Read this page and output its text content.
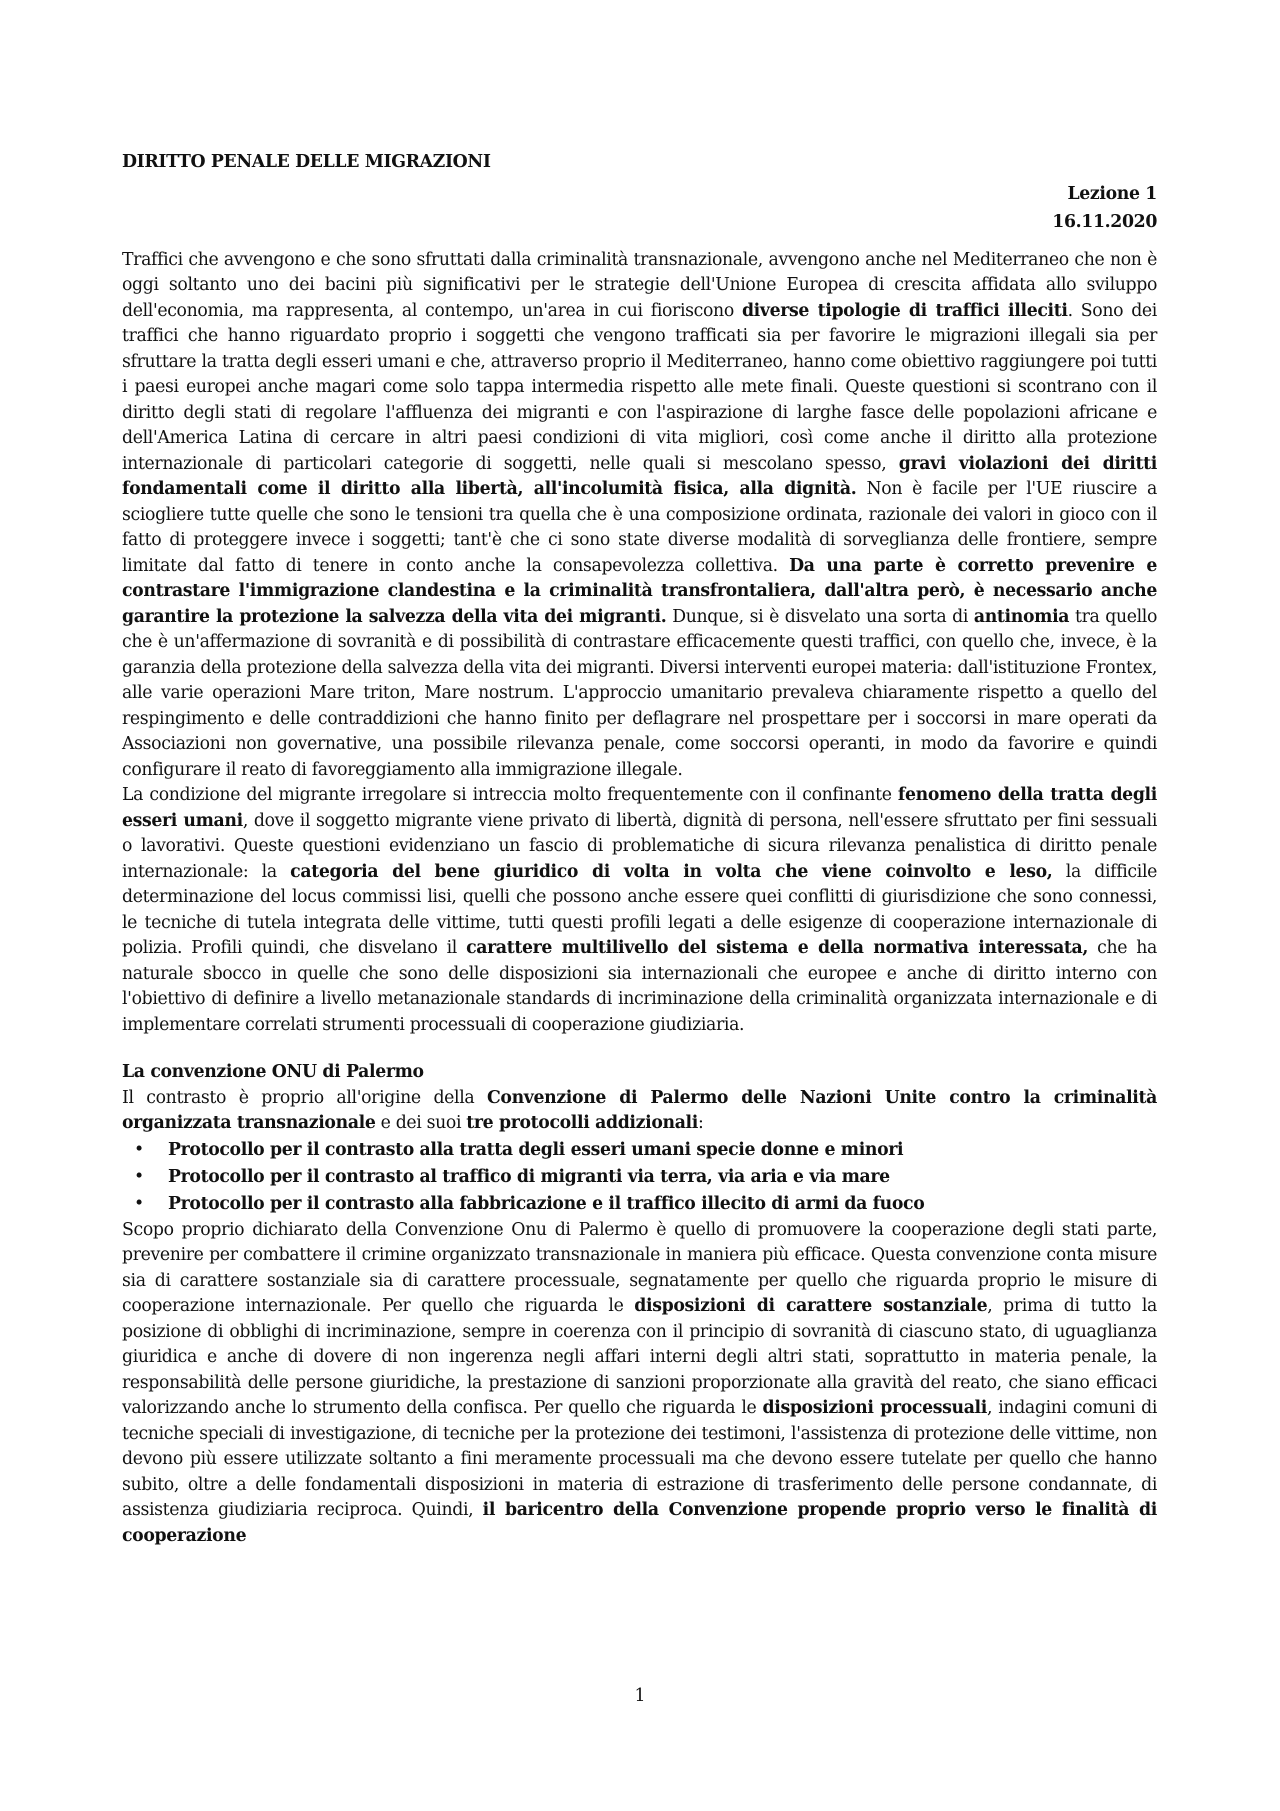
DIRITTO PENALE DELLE MIGRAZIONI
Lezione 1
16.11.2020

Traffici che avvengono e che sono sfruttati dalla criminalità transnazionale, avvengono anche nel Mediterraneo che non è oggi soltanto uno dei bacini più significativi per le strategie dell'Unione Europea di crescita affidata allo sviluppo dell'economia, ma rappresenta, al contempo, un'area in cui fioriscono diverse tipologie di traffici illeciti. Sono dei traffici che hanno riguardato proprio i soggetti che vengono trafficati sia per favorire le migrazioni illegali sia per sfruttare la tratta degli esseri umani e che, attraverso proprio il Mediterraneo, hanno come obiettivo raggiungere poi tutti i paesi europei anche magari come solo tappa intermedia rispetto alle mete finali. Queste questioni si scontrano con il diritto degli stati di regolare l'affluenza dei migranti e con l'aspirazione di larghe fasce delle popolazioni africane e dell'America Latina di cercare in altri paesi condizioni di vita migliori, così come anche il diritto alla protezione internazionale di particolari categorie di soggetti, nelle quali si mescolano spesso, gravi violazioni dei diritti fondamentali come il diritto alla libertà, all'incolumità fisica, alla dignità. Non è facile per l'UE riuscire a sciogliere tutte quelle che sono le tensioni tra quella che è una composizione ordinata, razionale dei valori in gioco con il fatto di proteggere invece i soggetti; tant'è che ci sono state diverse modalità di sorveglianza delle frontiere, sempre limitate dal fatto di tenere in conto anche la consapevolezza collettiva. Da una parte è corretto prevenire e contrastare l'immigrazione clandestina e la criminalità transfrontaliera, dall'altra però, è necessario anche garantire la protezione la salvezza della vita dei migranti. Dunque, si è disvelato una sorta di antinomia tra quello che è un'affermazione di sovranità e di possibilità di contrastare efficacemente questi traffici, con quello che, invece, è la garanzia della protezione della salvezza della vita dei migranti. Diversi interventi europei materia: dall'istituzione Frontex, alle varie operazioni Mare triton, Mare nostrum. L'approccio umanitario prevaleva chiaramente rispetto a quello del respingimento e delle contraddizioni che hanno finito per deflagrare nel prospettare per i soccorsi in mare operati da Associazioni non governative, una possibile rilevanza penale, come soccorsi operanti, in modo da favorire e quindi configurare il reato di favoreggiamento alla immigrazione illegale.

La condizione del migrante irregolare si intreccia molto frequentemente con il confinante fenomeno della tratta degli esseri umani, dove il soggetto migrante viene privato di libertà, dignità di persona, nell'essere sfruttato per fini sessuali o lavorativi. Queste questioni evidenziano un fascio di problematiche di sicura rilevanza penalistica di diritto penale internazionale: la categoria del bene giuridico di volta in volta che viene coinvolto e leso, la difficile determinazione del locus commissi lisi, quelli che possono anche essere quei conflitti di giurisdizione che sono connessi, le tecniche di tutela integrata delle vittime, tutti questi profili legati a delle esigenze di cooperazione internazionale di polizia. Profili quindi, che disvelano il carattere multilivello del sistema e della normativa interessata, che ha naturale sbocco in quelle che sono delle disposizioni sia internazionali che europee e anche di diritto interno con l'obiettivo di definire a livello metanazionale standards di incriminazione della criminalità organizzata internazionale e di implementare correlati strumenti processuali di cooperazione giudiziaria.

La convenzione ONU di Palermo

Il contrasto è proprio all'origine della Convenzione di Palermo delle Nazioni Unite contro la criminalità organizzata transnazionale e dei suoi tre protocolli addizionali:

• Protocollo per il contrasto alla tratta degli esseri umani specie donne e minori
• Protocollo per il contrasto al traffico di migranti via terra, via aria e via mare
• Protocollo per il contrasto alla fabbricazione e il traffico illecito di armi da fuoco

Scopo proprio dichiarato della Convenzione Onu di Palermo è quello di promuovere la cooperazione degli stati parte, prevenire per combattere il crimine organizzato transnazionale in maniera più efficace. Questa convenzione conta misure sia di carattere sostanziale sia di carattere processuale, segnatamente per quello che riguarda proprio le misure di cooperazione internazionale. Per quello che riguarda le disposizioni di carattere sostanziale, prima di tutto la posizione di obblighi di incriminazione, sempre in coerenza con il principio di sovranità di ciascuno stato, di uguaglianza giuridica e anche di dovere di non ingerenza negli affari interni degli altri stati, soprattutto in materia penale, la responsabilità delle persone giuridiche, la prestazione di sanzioni proporzionate alla gravità del reato, che siano efficaci valorizzando anche lo strumento della confisca. Per quello che riguarda le disposizioni processuali, indagini comuni di tecniche speciali di investigazione, di tecniche per la protezione dei testimoni, l'assistenza di protezione delle vittime, non devono più essere utilizzate soltanto a fini meramente processuali ma che devono essere tutelate per quello che hanno subito, oltre a delle fondamentali disposizioni in materia di estrazione di trasferimento delle persone condannate, di assistenza giudiziaria reciproca. Quindi, il baricentro della Convenzione propende proprio verso le finalità di cooperazione

1
